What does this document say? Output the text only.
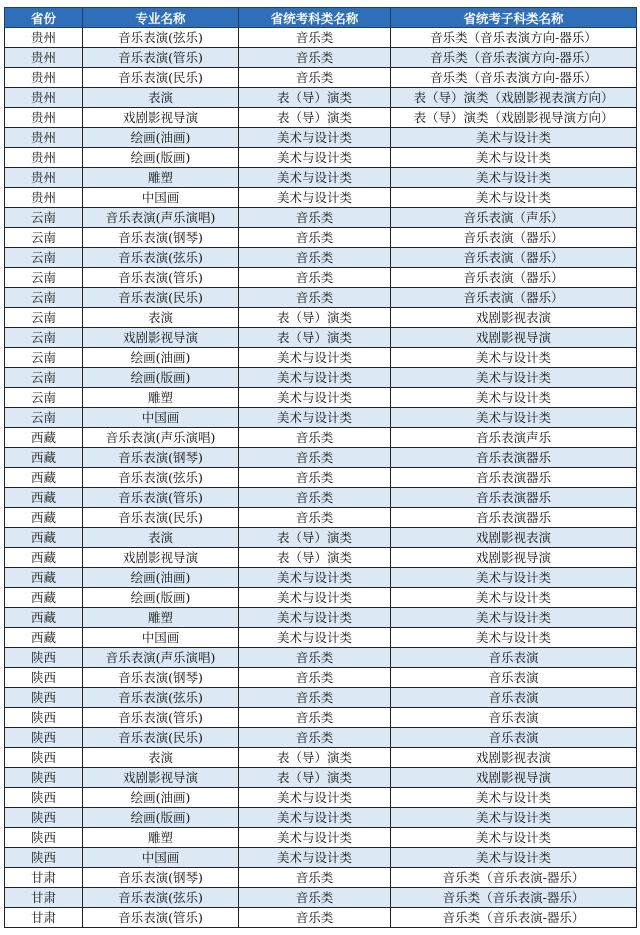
省份	专业名称	省统考科类名称	省统考子科类名称
贵州	音乐表演(弦乐)	音乐类	音乐类（音乐表演方向-器乐）
贵州	音乐表演(管乐)	音乐类	音乐类（音乐表演方向-器乐）
贵州	音乐表演(民乐)	音乐类	音乐类（音乐表演方向-器乐）
贵州	表演	表（导）演类	表（导）演类（戏剧影视表演方向）
贵州	戏剧影视导演	表（导）演类	表（导）演类（戏剧影视导演方向）
贵州	绘画(油画)	美术与设计类	美术与设计类
贵州	绘画(版画)	美术与设计类	美术与设计类
贵州	雕塑	美术与设计类	美术与设计类
贵州	中国画	美术与设计类	美术与设计类
云南	音乐表演(声乐演唱)	音乐类	音乐表演（声乐）
云南	音乐表演(钢琴)	音乐类	音乐表演（器乐）
云南	音乐表演(弦乐)	音乐类	音乐表演（器乐）
云南	音乐表演(管乐)	音乐类	音乐表演（器乐）
云南	音乐表演(民乐)	音乐类	音乐表演（器乐）
云南	表演	表（导）演类	戏剧影视表演
云南	戏剧影视导演	表（导）演类	戏剧影视导演
云南	绘画(油画)	美术与设计类	美术与设计类
云南	绘画(版画)	美术与设计类	美术与设计类
云南	雕塑	美术与设计类	美术与设计类
云南	中国画	美术与设计类	美术与设计类
西藏	音乐表演(声乐演唱)	音乐类	音乐表演声乐
西藏	音乐表演(钢琴)	音乐类	音乐表演器乐
西藏	音乐表演(弦乐)	音乐类	音乐表演器乐
西藏	音乐表演(管乐)	音乐类	音乐表演器乐
西藏	音乐表演(民乐)	音乐类	音乐表演器乐
西藏	表演	表（导）演类	戏剧影视表演
西藏	戏剧影视导演	表（导）演类	戏剧影视导演
西藏	绘画(油画)	美术与设计类	美术与设计类
西藏	绘画(版画)	美术与设计类	美术与设计类
西藏	雕塑	美术与设计类	美术与设计类
西藏	中国画	美术与设计类	美术与设计类
陕西	音乐表演(声乐演唱)	音乐类	音乐表演
陕西	音乐表演(钢琴)	音乐类	音乐表演
陕西	音乐表演(弦乐)	音乐类	音乐表演
陕西	音乐表演(管乐)	音乐类	音乐表演
陕西	音乐表演(民乐)	音乐类	音乐表演
陕西	表演	表（导）演类	戏剧影视表演
陕西	戏剧影视导演	表（导）演类	戏剧影视导演
陕西	绘画(油画)	美术与设计类	美术与设计类
陕西	绘画(版画)	美术与设计类	美术与设计类
陕西	雕塑	美术与设计类	美术与设计类
陕西	中国画	美术与设计类	美术与设计类
甘肃	音乐表演(钢琴)	音乐类	音乐类（音乐表演-器乐）
甘肃	音乐表演(弦乐)	音乐类	音乐类（音乐表演-器乐）
甘肃	音乐表演(管乐)	音乐类	音乐类（音乐表演-器乐）
